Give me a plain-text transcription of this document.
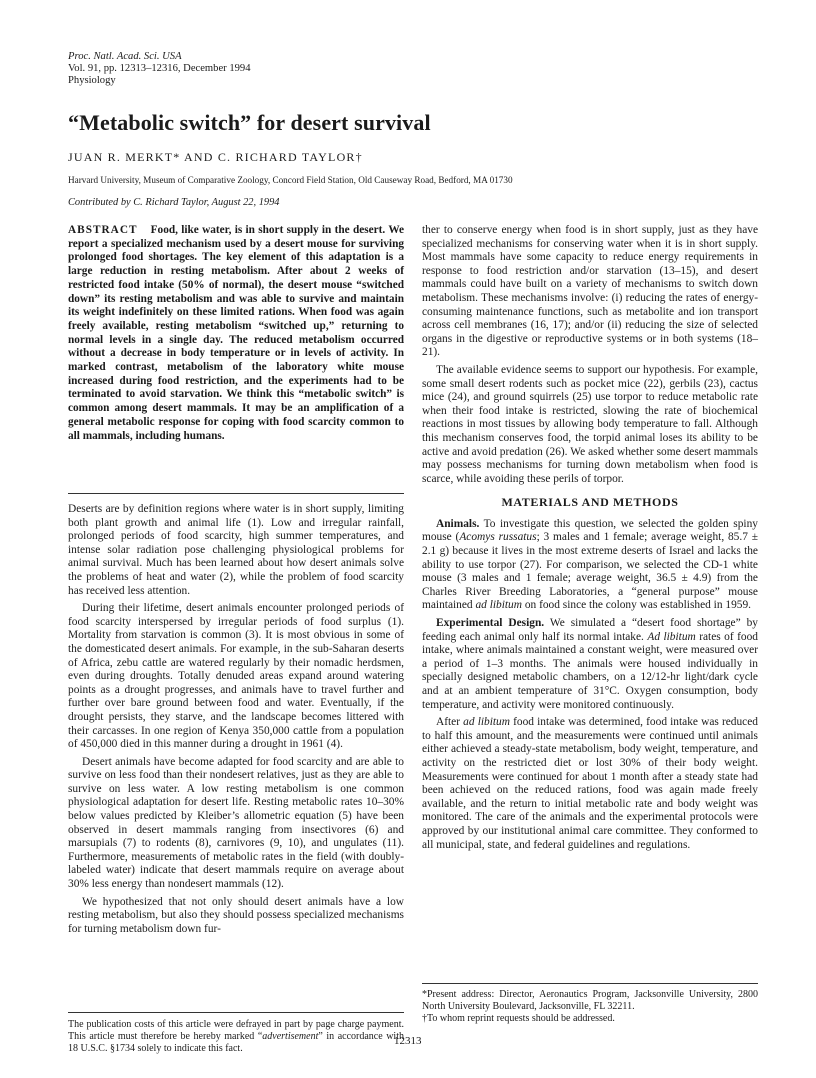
Proc. Natl. Acad. Sci. USA
Vol. 91, pp. 12313–12316, December 1994
Physiology
“Metabolic switch” for desert survival
JUAN R. MERKT* AND C. RICHARD TAYLOR†
Harvard University, Museum of Comparative Zoology, Concord Field Station, Old Causeway Road, Bedford, MA 01730
Contributed by C. Richard Taylor, August 22, 1994
ABSTRACT Food, like water, is in short supply in the desert. We report a specialized mechanism used by a desert mouse for surviving prolonged food shortages. The key element of this adaptation is a large reduction in resting metabolism. After about 2 weeks of restricted food intake (50% of normal), the desert mouse “switched down” its resting metabolism and was able to survive and maintain its weight indefinitely on these limited rations. When food was again freely available, resting metabolism “switched up,” returning to normal levels in a single day. The reduced metabolism occurred without a decrease in body temperature or in levels of activity. In marked contrast, metabolism of the laboratory white mouse increased during food restriction, and the experiments had to be terminated to avoid starvation. We think this “metabolic switch” is common among desert mammals. It may be an amplification of a general metabolic response for coping with food scarcity common to all mammals, including humans.

Deserts are by definition regions where water is in short supply, limiting both plant growth and animal life (1). Low and irregular rainfall, prolonged periods of food scarcity, high summer temperatures, and intense solar radiation pose challenging physiological problems for animal survival. Much has been learned about how desert animals solve the problems of heat and water (2), while the problem of food scarcity has received less attention.

During their lifetime, desert animals encounter prolonged periods of food scarcity interspersed by irregular periods of food surplus (1). Mortality from starvation is common (3). It is most obvious in some of the domesticated desert animals. For example, in the sub-Saharan deserts of Africa, zebu cattle are watered regularly by their nomadic herdsmen, even during droughts. Totally denuded areas expand around watering points as a drought progresses, and animals have to travel further and further over bare ground between food and water. Eventually, if the drought persists, they starve, and the landscape becomes littered with their carcasses. In one region of Kenya 350,000 cattle from a population of 450,000 died in this manner during a drought in 1961 (4).

Desert animals have become adapted for food scarcity and are able to survive on less food than their nondesert relatives, just as they are able to survive on less water. A low resting metabolism is one common physiological adaptation for desert life. Resting metabolic rates 10–30% below values predicted by Kleiber’s allometric equation (5) have been observed in desert mammals ranging from insectivores (6) and marsupials (7) to rodents (8), carnivores (9, 10), and ungulates (11). Furthermore, measurements of metabolic rates in the field (with doubly-labeled water) indicate that desert mammals require on average about 30% less energy than nondesert mammals (12).

We hypothesized that not only should desert animals have a low resting metabolism, but also they should possess specialized mechanisms for turning metabolism down fur-

The publication costs of this article were defrayed in part by page charge payment. This article must therefore be hereby marked “advertisement” in accordance with 18 U.S.C. §1734 solely to indicate this fact.

ther to conserve energy when food is in short supply, just as they have specialized mechanisms for conserving water when it is in short supply. Most mammals have some capacity to reduce energy requirements in response to food restriction and/or starvation (13–15), and desert mammals could have built on a variety of mechanisms to switch down metabolism. These mechanisms involve: (i) reducing the rates of energy-consuming maintenance functions, such as metabolite and ion transport across cell membranes (16, 17); and/or (ii) reducing the size of selected organs in the digestive or reproductive systems or in both systems (18–21).

The available evidence seems to support our hypothesis. For example, some small desert rodents such as pocket mice (22), gerbils (23), cactus mice (24), and ground squirrels (25) use torpor to reduce metabolic rate when their food intake is restricted, slowing the rate of biochemical reactions in most tissues by allowing body temperature to fall. Although this mechanism conserves food, the torpid animal loses its ability to be active and avoid predation (26). We asked whether some desert mammals may possess mechanisms for turning down metabolism when food is scarce, while avoiding these perils of torpor.

MATERIALS AND METHODS

Animals. To investigate this question, we selected the golden spiny mouse (Acomys russatus; 3 males and 1 female; average weight, 85.7 ± 2.1 g) because it lives in the most extreme deserts of Israel and lacks the ability to use torpor (27). For comparison, we selected the CD-1 white mouse (3 males and 1 female; average weight, 36.5 ± 4.9) from the Charles River Breeding Laboratories, a “general purpose” mouse maintained ad libitum on food since the colony was established in 1959.

Experimental Design. We simulated a “desert food shortage” by feeding each animal only half its normal intake. Ad libitum rates of food intake, where animals maintained a constant weight, were measured over a period of 1–3 months. The animals were housed individually in specially designed metabolic chambers, on a 12/12-hr light/dark cycle and at an ambient temperature of 31°C. Oxygen consumption, body temperature, and activity were monitored continuously.

After ad libitum food intake was determined, food intake was reduced to half this amount, and the measurements were continued until animals either achieved a steady-state metabolism, body weight, temperature, and activity on the restricted diet or lost 30% of their body weight. Measurements were continued for about 1 month after a steady state had been achieved on the reduced rations, food was again made freely available, and the return to initial metabolic rate and body weight was monitored. The care of the animals and the experimental protocols were approved by our institutional animal care committee. They conformed to all municipal, state, and federal guidelines and regulations.

*Present address: Director, Aeronautics Program, Jacksonville University, 2800 North University Boulevard, Jacksonville, FL 32211.
†To whom reprint requests should be addressed.
12313
